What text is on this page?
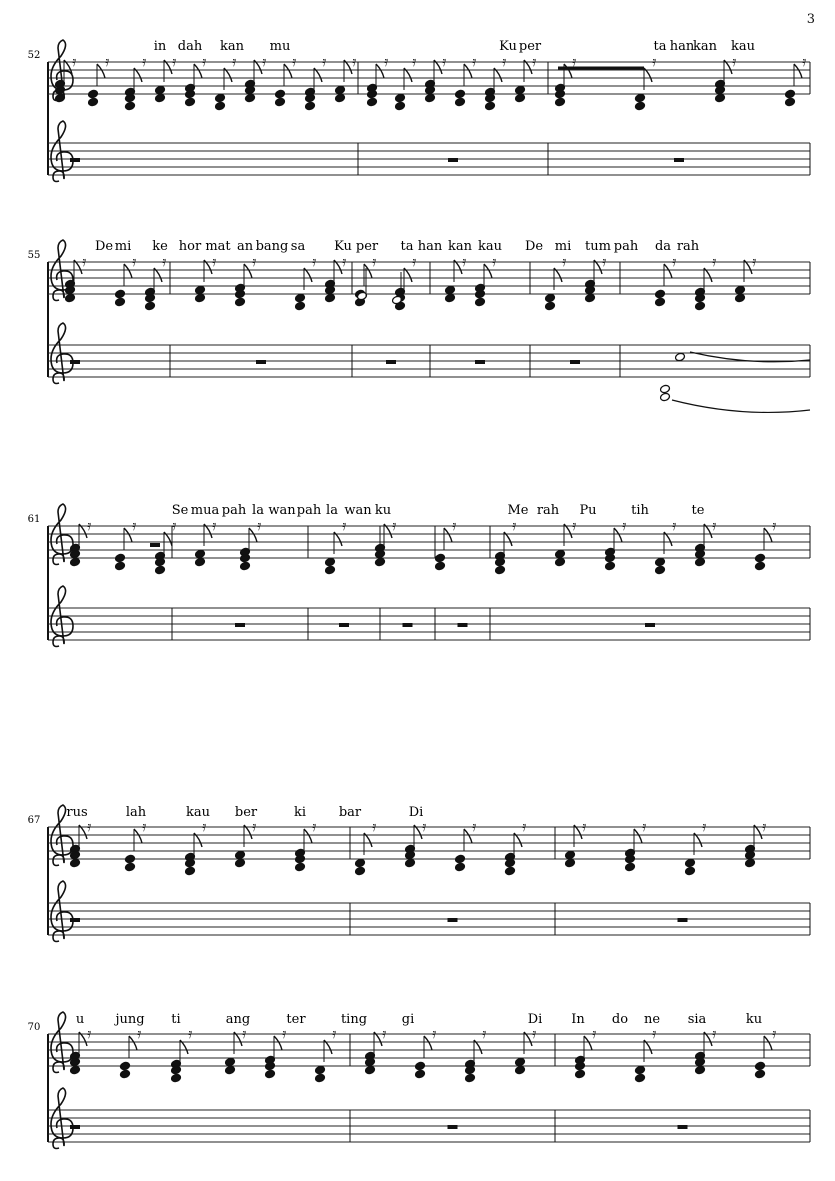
3
52
in dah kan mu	Ku per	ta han
kan kau
𝄿 𝄿 𝄿 𝄿 𝄿 𝄿 𝄿 𝄿 𝄿 𝄿 𝄿 𝄿 𝄿 𝄿 𝄿 𝄿	𝄿	𝄿	𝄿	𝄿
55
De mi ke hor mat an bang sa Ku per ta han kan kau De mi tum pah da rah
𝄿	𝄿 𝄿	𝄿	𝄿	𝄿 𝄿 𝄿	𝄿	𝄿 𝄿	𝄿	𝄿	𝄿	𝄿	𝄿
61
Se mua pah la wan pah la wan ku	Me rah Pu	tih	te
𝄿	𝄿	𝄿	𝄿	𝄿	𝄿	𝄿	𝄿	𝄿	𝄿	𝄿	𝄿	𝄿	𝄿
67
rus	lah	kau ber	ki	bar	Di
𝄿	𝄿	𝄿	𝄿	𝄿	𝄿	𝄿	𝄿	𝄿	𝄿	𝄿	𝄿	𝄿
70
u jung ti	ang	ter	ting	gi	Di In do ne sia	ku
𝄿	𝄿	𝄿	𝄿	𝄿	𝄿	𝄿	𝄿	𝄿	𝄿	𝄿	𝄿	𝄿	𝄿
